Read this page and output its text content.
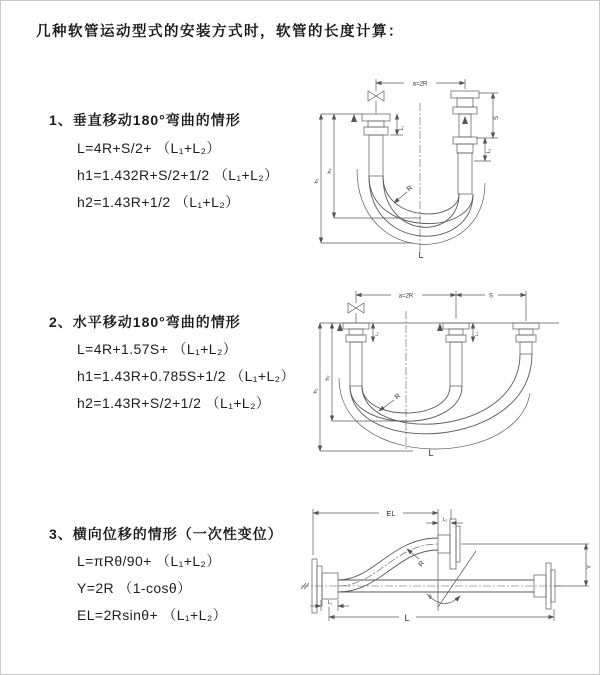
几种软管运动型式的安装方式时，软管的长度计算：
1、垂直移动180°弯曲的情形
L=4R+S/2+ （L₁+L₂）
h1=1.432R+S/2+1/2 （L₁+L₂）
h2=1.43R+1/2 （L₁+L₂）
2、水平移动180°弯曲的情形
L=4R+1.57S+ （L₁+L₂）
h1=1.43R+0.785S+1/2 （L₁+L₂）
h2=1.43R+S/2+1/2 （L₁+L₂）
3、横向位移的情形（一次性变位）
L=πRθ/90+ （L₁+L₂）
Y=2R （1-cosθ）
EL=2Rsinθ+ （L₁+L₂）
a=2R
L₁
S
L₂
R
h₁
h₂
L
a=2R	S
L₁	L₂
R
h₁
h₂
L
EL
L₂
Y
θ
R
L₁
L
